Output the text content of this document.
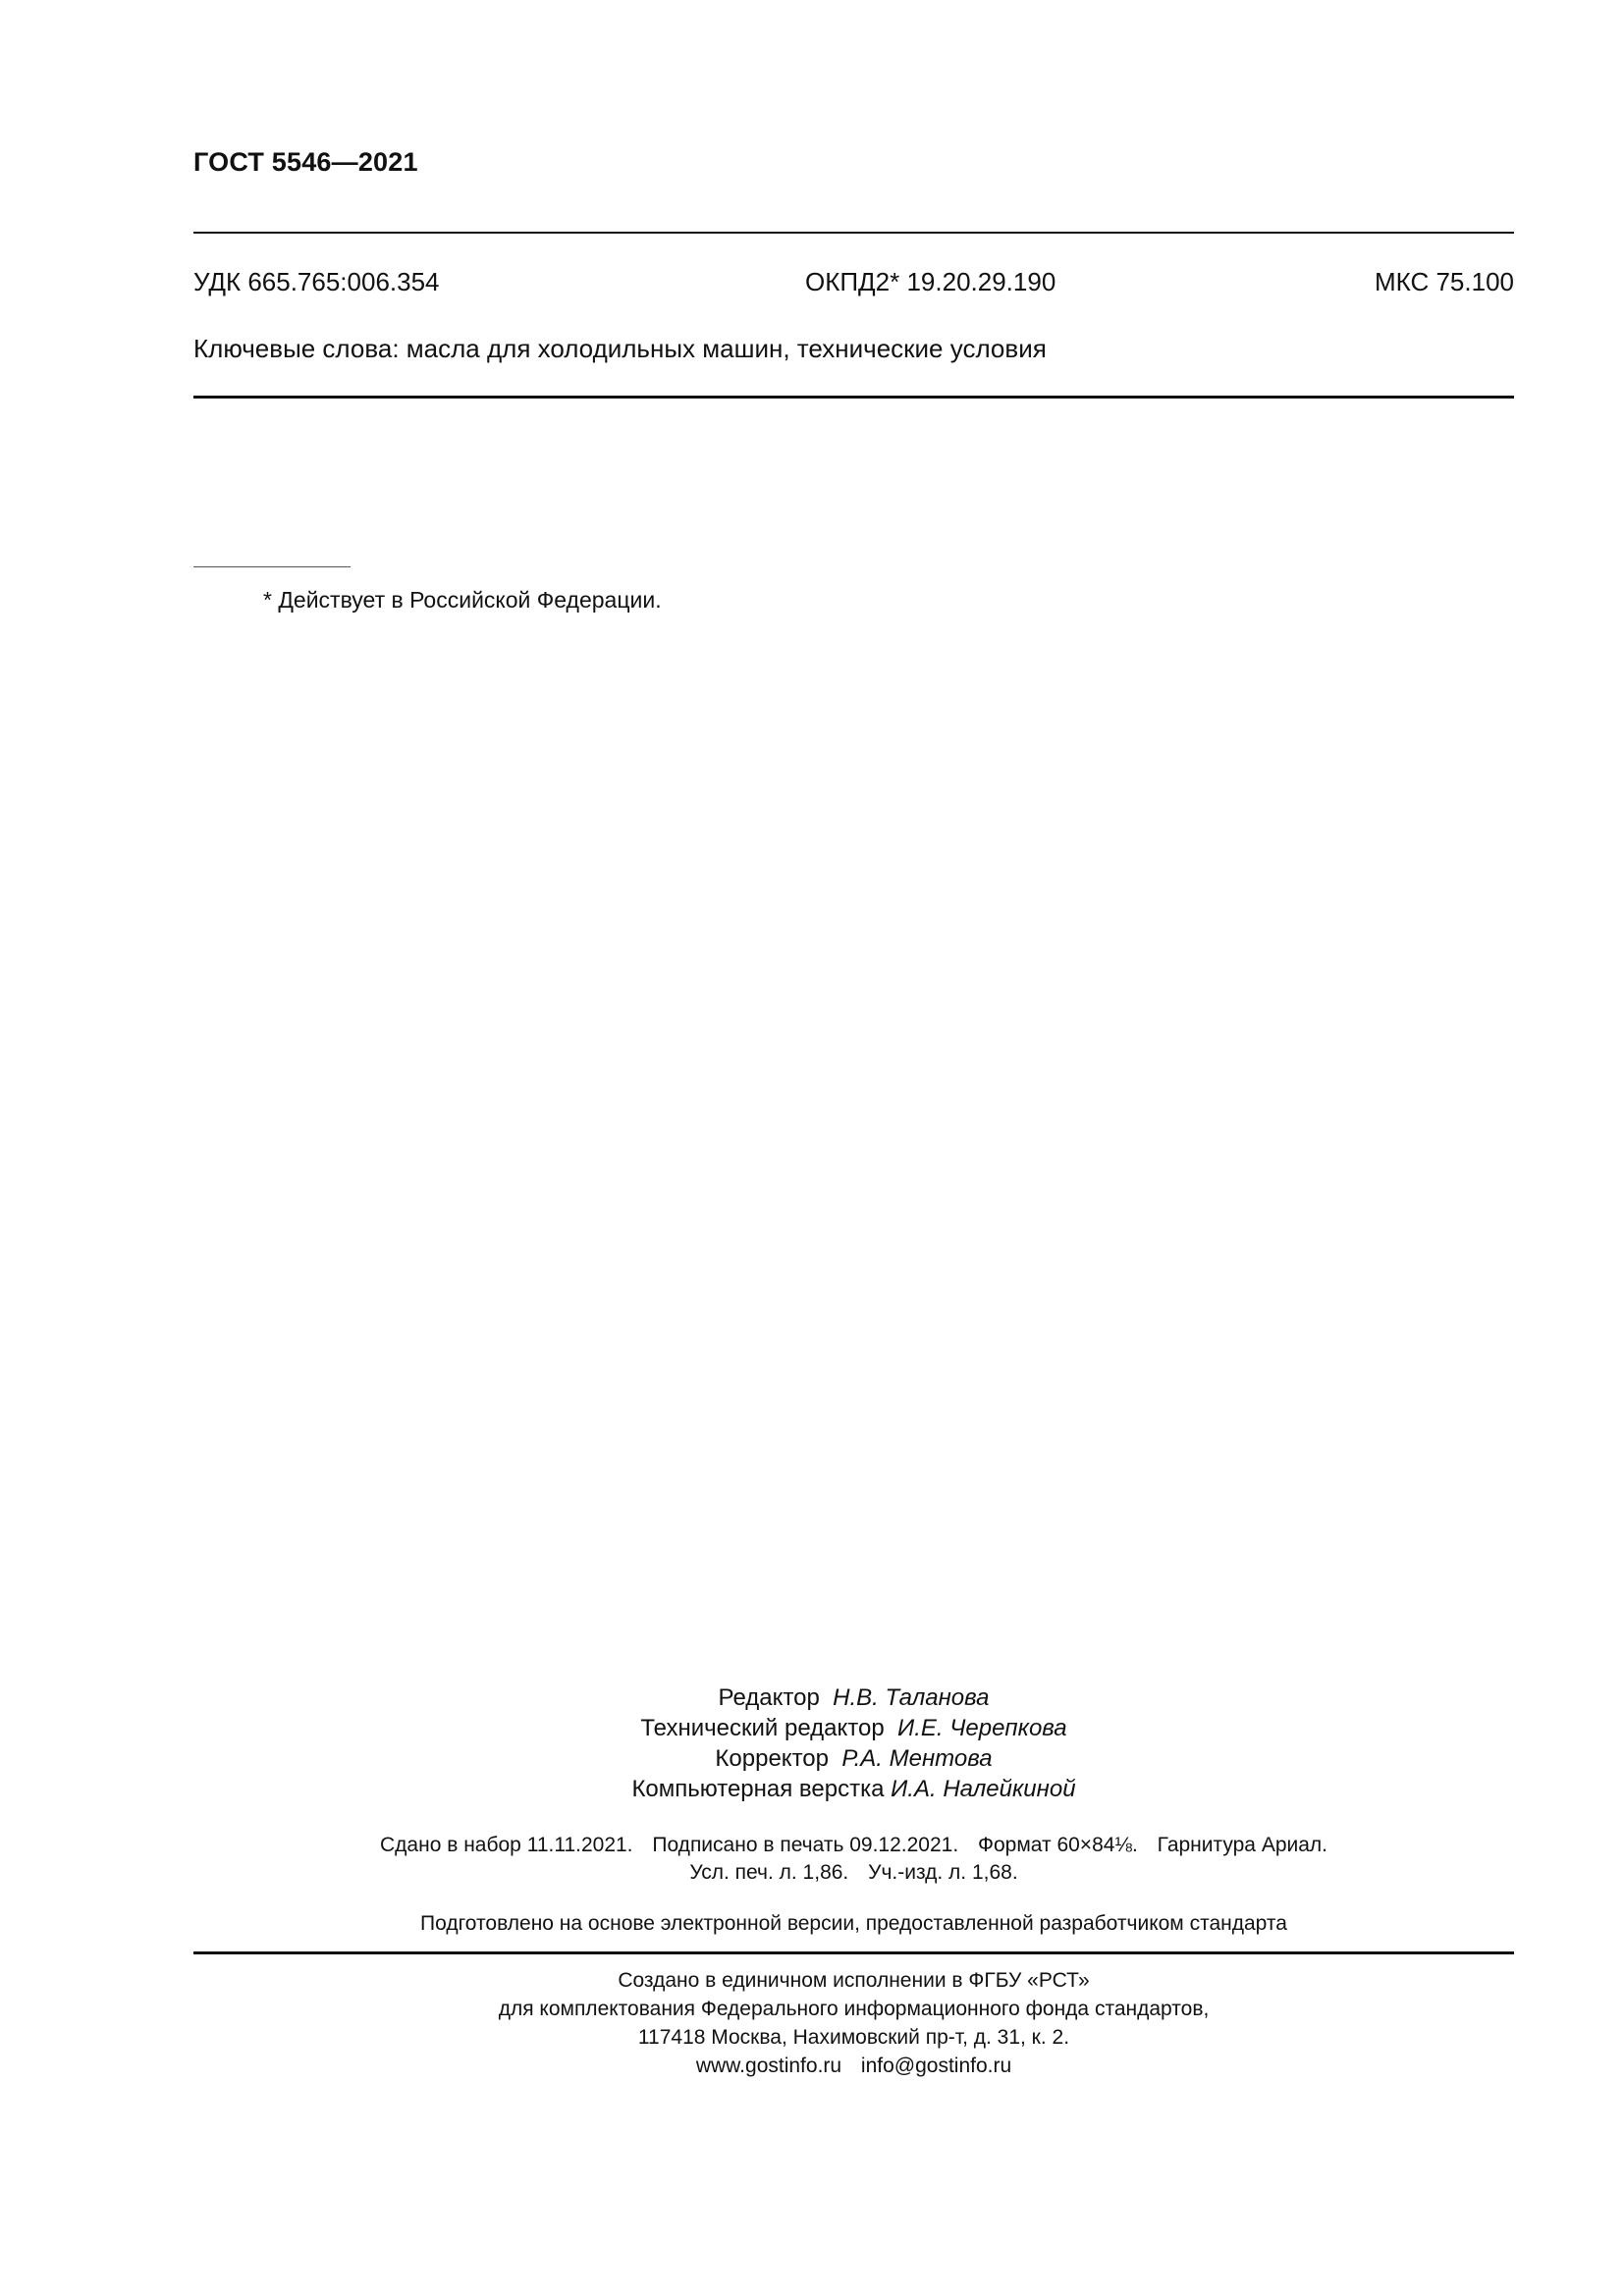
ГОСТ 5546—2021
УДК 665.765:006.354	ОКПД2* 19.20.29.190	МКС 75.100
Ключевые слова: масла для холодильных машин, технические условия
* Действует в Российской Федерации.
Редактор Н.В. Таланова
Технический редактор И.Е. Черепкова
Корректор Р.А. Ментова
Компьютерная верстка И.А. Налейкиной
Сдано в набор 11.11.2021. Подписано в печать 09.12.2021. Формат 60×84⅛. Гарнитура Ариал.
Усл. печ. л. 1,86. Уч.-изд. л. 1,68.
Подготовлено на основе электронной версии, предоставленной разработчиком стандарта
Создано в единичном исполнении в ФГБУ «РСТ»
для комплектования Федерального информационного фонда стандартов,
117418 Москва, Нахимовский пр-т, д. 31, к. 2.
www.gostinfo.ru info@gostinfo.ru
